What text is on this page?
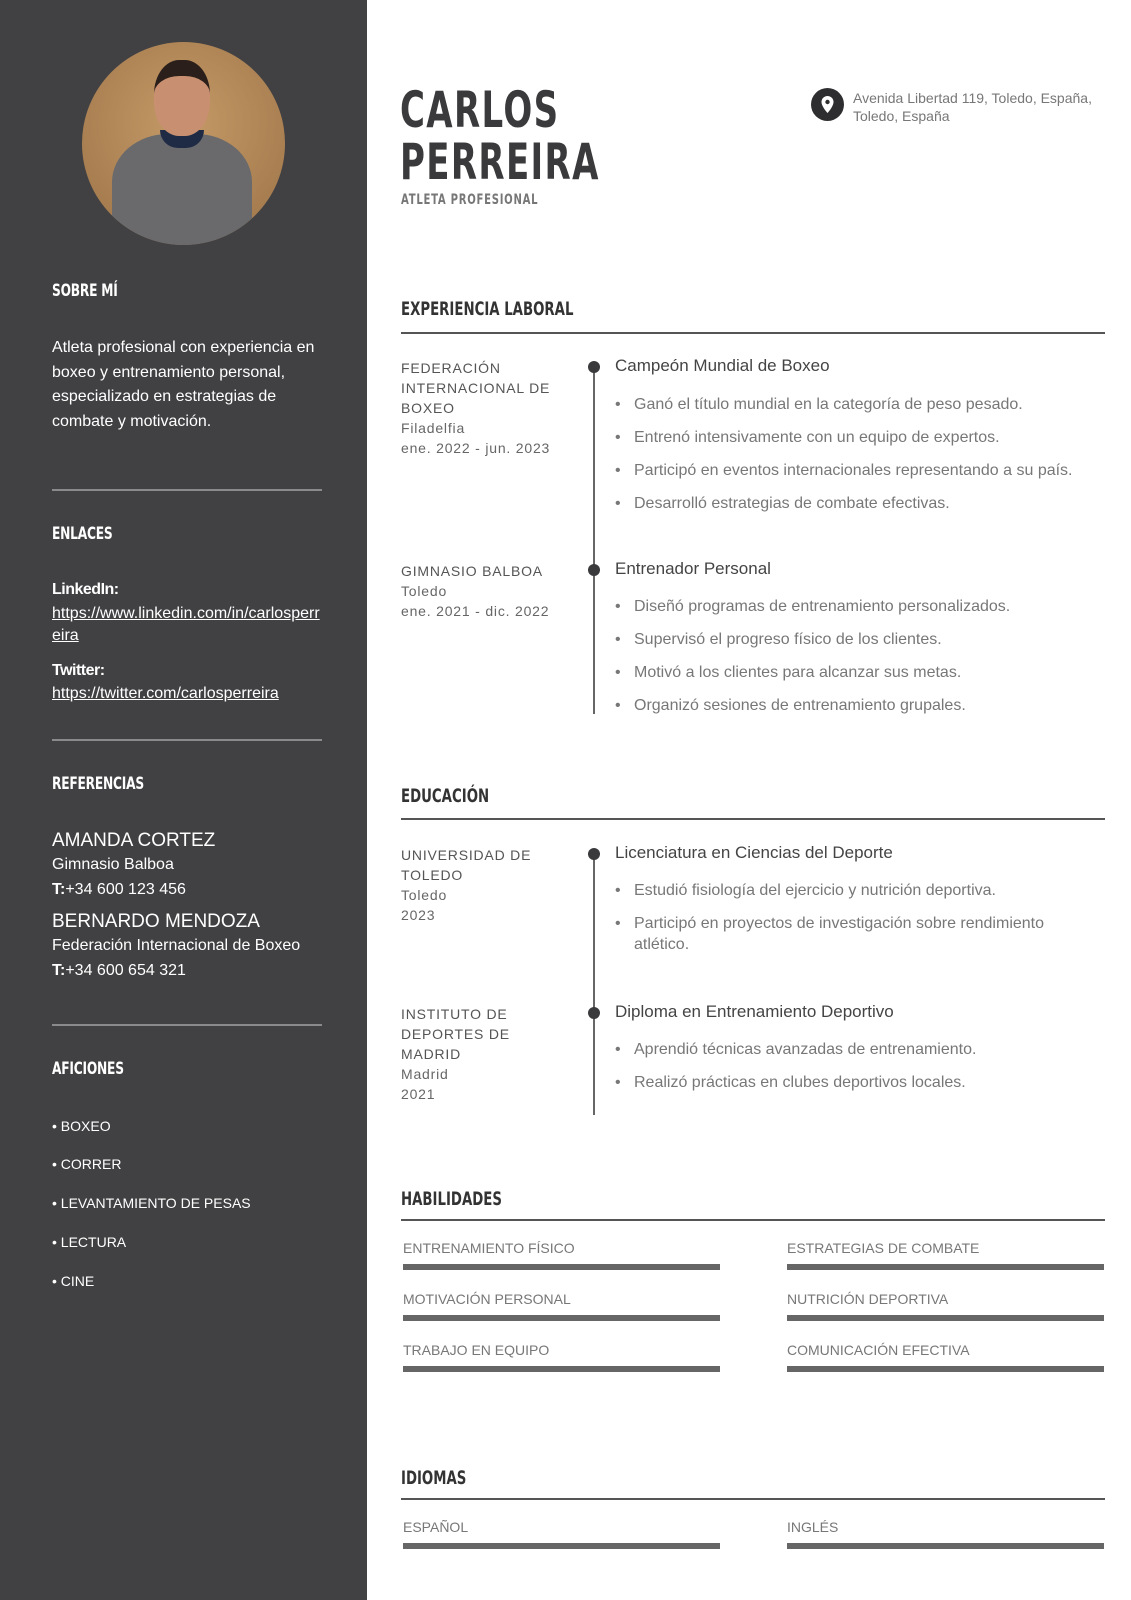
SOBRE MÍ
Atleta profesional con experiencia en boxeo y entrenamiento personal, especializado en estrategias de combate y motivación.
ENLACES
LinkedIn:
https://www.linkedin.com/in/carlosperreira
Twitter:
https://twitter.com/carlosperreira
REFERENCIAS
AMANDA CORTEZ
Gimnasio Balboa
T:+34 600 123 456
BERNARDO MENDOZA
Federación Internacional de Boxeo
T:+34 600 654 321
AFICIONES
• BOXEO
• CORRER
• LEVANTAMIENTO DE PESAS
• LECTURA
• CINE
CARLOS
PERREIRA
ATLETA PROFESIONAL
Avenida Libertad 119, Toledo, España,
Toledo, España
EXPERIENCIA LABORAL
FEDERACIÓN INTERNACIONAL DE BOXEO
Filadelfia
ene. 2022 - jun. 2023
Campeón Mundial de Boxeo
• Ganó el título mundial en la categoría de peso pesado.
• Entrenó intensivamente con un equipo de expertos.
• Participó en eventos internacionales representando a su país.
• Desarrolló estrategias de combate efectivas.
GIMNASIO BALBOA
Toledo
ene. 2021 - dic. 2022
Entrenador Personal
• Diseñó programas de entrenamiento personalizados.
• Supervisó el progreso físico de los clientes.
• Motivó a los clientes para alcanzar sus metas.
• Organizó sesiones de entrenamiento grupales.
EDUCACIÓN
UNIVERSIDAD DE TOLEDO
Toledo
2023
Licenciatura en Ciencias del Deporte
• Estudió fisiología del ejercicio y nutrición deportiva.
• Participó en proyectos de investigación sobre rendimiento atlético.
INSTITUTO DE DEPORTES DE MADRID
Madrid
2021
Diploma en Entrenamiento Deportivo
• Aprendió técnicas avanzadas de entrenamiento.
• Realizó prácticas en clubes deportivos locales.
HABILIDADES
ENTRENAMIENTO FÍSICO	ESTRATEGIAS DE COMBATE
MOTIVACIÓN PERSONAL	NUTRICIÓN DEPORTIVA
TRABAJO EN EQUIPO	COMUNICACIÓN EFECTIVA
IDIOMAS
ESPAÑOL	INGLÉS
